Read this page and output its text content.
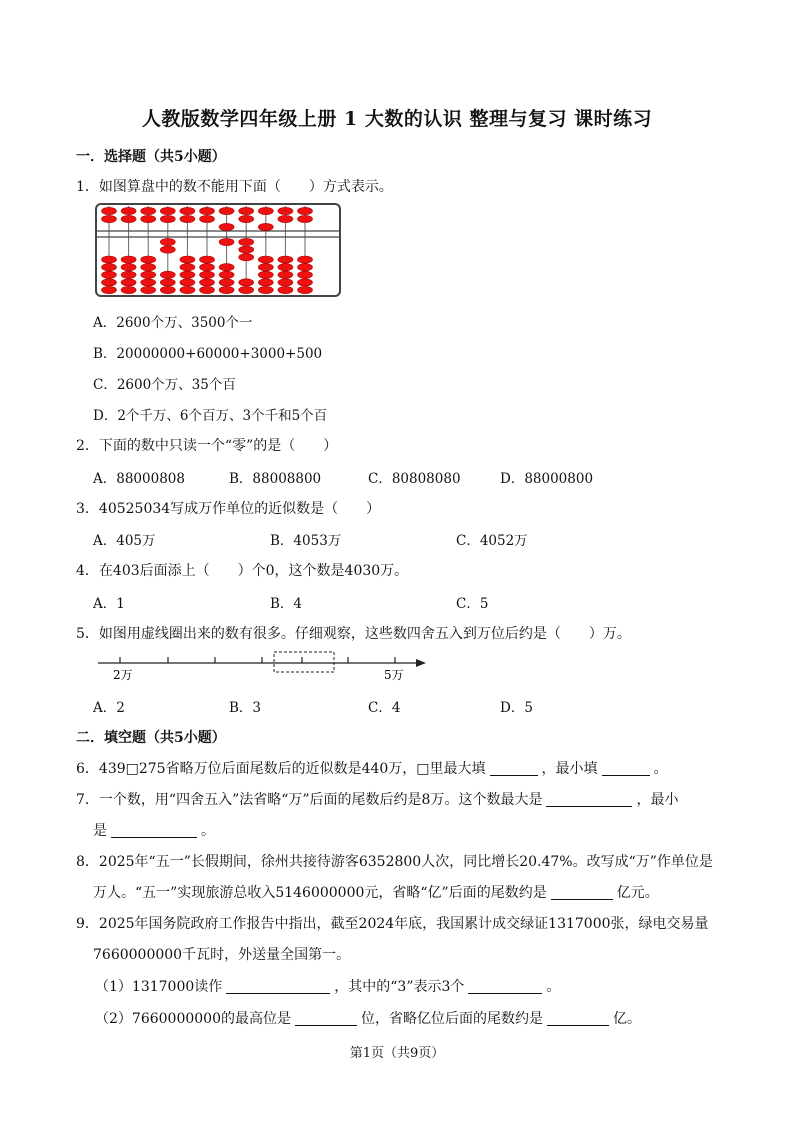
人教版数学四年级上册 1 大数的认识 整理与复习 课时练习
一．选择题（共5小题）
1．如图算盘中的数不能用下面（　　）方式表示。
A．2600个万、3500个一
B．20000000+60000+3000+500
C．2600个万、35个百
D．2个千万、6个百万、3个千和5个百
2．下面的数中只读一个“零”的是（　　）
A．88000808	B．88008800	C．80808080	D．88000800
3．40525034写成万作单位的近似数是（　　）
A．405万	B．4053万	C．4052万
4．在403后面添上（　　）个0，这个数是4030万。
A．1	B．4	C．5
5．如图用虚线圈出来的数有很多。仔细观察，这些数四舍五入到万位后约是（　　）万。
2万	5万
A．2	B．3	C．4	D．5
二．填空题（共5小题）
6．439□275省略万位后面尾数后的近似数是440万，□里最大填	，最小填	。
7．一个数，用“四舍五入”法省略“万”后面的尾数后约是8万。这个数最大是	，最小
是	。
8．2025年“五一”长假期间，徐州共接待游客6352800人次，同比增长20.47%。改写成“万”作单位是
万人。“五一”实现旅游总收入5146000000元，省略“亿”后面的尾数约是	亿元。
9．2025年国务院政府工作报告中指出，截至2024年底，我国累计成交绿证1317000张，绿电交易量
7660000000千瓦时，外送量全国第一。
（1）1317000读作	，其中的“3”表示3个	。
（2）7660000000的最高位是	位，省略亿位后面的尾数约是	亿。
第1页（共9页）
